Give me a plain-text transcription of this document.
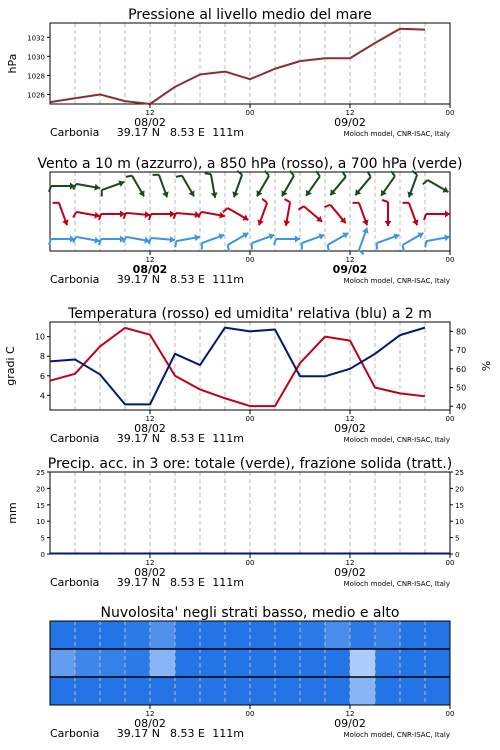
Pressione al livello medio del mare
1026
1028
1030
1032
hPa
12	00	12	00
08/02	09/02
Carbonia 39.17 N 8.53 E 111m	Moloch model, CNR-ISAC, Italy
Vento a 10 m (azzurro), a 850 hPa (rosso), a 700 hPa (verde)
12	00	12	00
08/02	09/02
Carbonia 39.17 N 8.53 E 111m	Moloch model, CNR-ISAC, Italy
Temperatura (rosso) ed umidita' relativa (blu) a 2 m
4
6
8
10
gradi C
40
50
60
70
80
%
12	00	12	00
08/02	09/02
Carbonia 39.17 N 8.53 E 111m	Moloch model, CNR-ISAC, Italy
Precip. acc. in 3 ore: totale (verde), frazione solida (tratt.)
0
5
10
15
20
25
0
5
10
15
20
25
mm
12	00	12	00
08/02	09/02
Carbonia 39.17 N 8.53 E 111m	Moloch model, CNR-ISAC, Italy
Nuvolosita' negli strati basso, medio e alto
12	00	12	00
08/02	09/02
Carbonia 39.17 N 8.53 E 111m	Moloch model, CNR-ISAC, Italy
